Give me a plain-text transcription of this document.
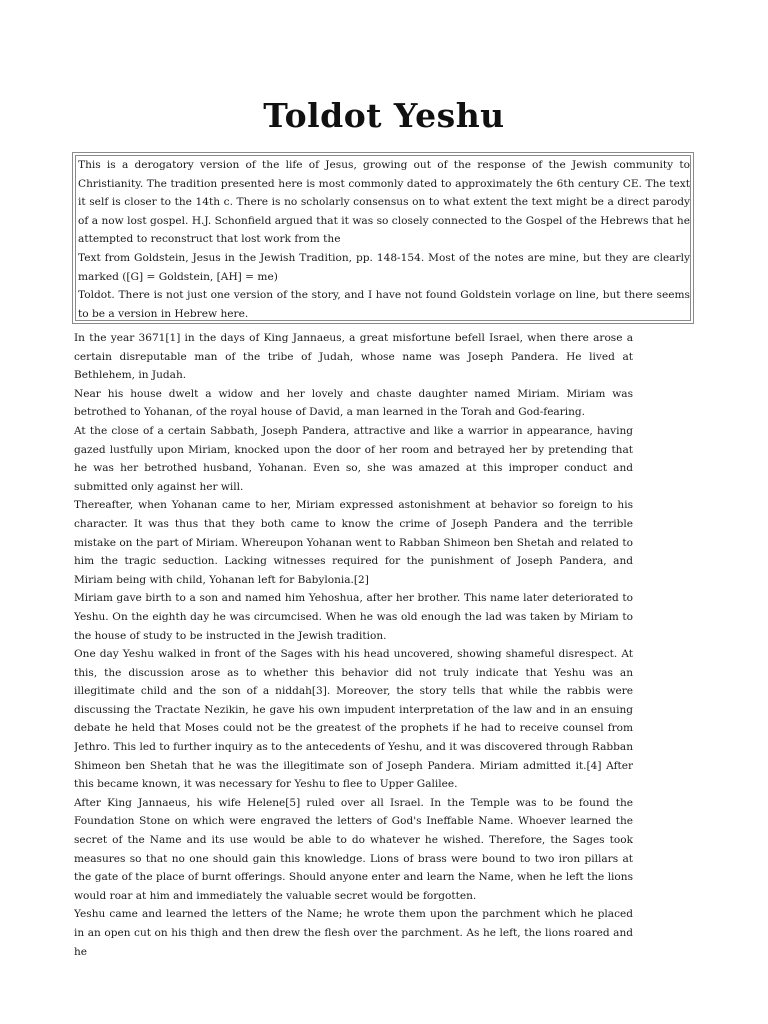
Toldot Yeshu

This is a derogatory version of the life of Jesus, growing out of the response of the Jewish community to Christianity. The tradition presented here is most commonly dated to approximately the 6th century CE. The text it self is closer to the 14th c. There is no scholarly consensus on to what extent the text might be a direct parody of a now lost gospel. H.J. Schonfield argued that it was so closely connected to the Gospel of the Hebrews that he attempted to reconstruct that lost work from the

Text from Goldstein, Jesus in the Jewish Tradition, pp. 148-154. Most of the notes are mine, but they are clearly marked ([G] = Goldstein, [AH] = me)

Toldot. There is not just one version of the story, and I have not found Goldstein vorlage on line, but there seems to be a version in Hebrew here.

In the year 3671[1] in the days of King Jannaeus, a great misfortune befell Israel, when there arose a certain disreputable man of the tribe of Judah, whose name was Joseph Pandera. He lived at Bethlehem, in Judah.

Near his house dwelt a widow and her lovely and chaste daughter named Miriam. Miriam was betrothed to Yohanan, of the royal house of David, a man learned in the Torah and God-fearing.

At the close of a certain Sabbath, Joseph Pandera, attractive and like a warrior in appearance, having gazed lustfully upon Miriam, knocked upon the door of her room and betrayed her by pretending that he was her betrothed husband, Yohanan. Even so, she was amazed at this improper conduct and submitted only against her will.

Thereafter, when Yohanan came to her, Miriam expressed astonishment at behavior so foreign to his character. It was thus that they both came to know the crime of Joseph Pandera and the terrible mistake on the part of Miriam. Whereupon Yohanan went to Rabban Shimeon ben Shetah and related to him the tragic seduction. Lacking witnesses required for the punishment of Joseph Pandera, and Miriam being with child, Yohanan left for Babylonia.[2]

Miriam gave birth to a son and named him Yehoshua, after her brother. This name later deteriorated to Yeshu. On the eighth day he was circumcised. When he was old enough the lad was taken by Miriam to the house of study to be instructed in the Jewish tradition.

One day Yeshu walked in front of the Sages with his head uncovered, showing shameful disrespect. At this, the discussion arose as to whether this behavior did not truly indicate that Yeshu was an illegitimate child and the son of a niddah[3]. Moreover, the story tells that while the rabbis were discussing the Tractate Nezikin, he gave his own impudent interpretation of the law and in an ensuing debate he held that Moses could not be the greatest of the prophets if he had to receive counsel from Jethro. This led to further inquiry as to the antecedents of Yeshu, and it was discovered through Rabban Shimeon ben Shetah that he was the illegitimate son of Joseph Pandera. Miriam admitted it.[4] After this became known, it was necessary for Yeshu to flee to Upper Galilee.

After King Jannaeus, his wife Helene[5] ruled over all Israel. In the Temple was to be found the Foundation Stone on which were engraved the letters of God's Ineffable Name. Whoever learned the secret of the Name and its use would be able to do whatever he wished. Therefore, the Sages took measures so that no one should gain this knowledge. Lions of brass were bound to two iron pillars at the gate of the place of burnt offerings. Should anyone enter and learn the Name, when he left the lions would roar at him and immediately the valuable secret would be forgotten.

Yeshu came and learned the letters of the Name; he wrote them upon the parchment which he placed in an open cut on his thigh and then drew the flesh over the parchment. As he left, the lions roared and he
